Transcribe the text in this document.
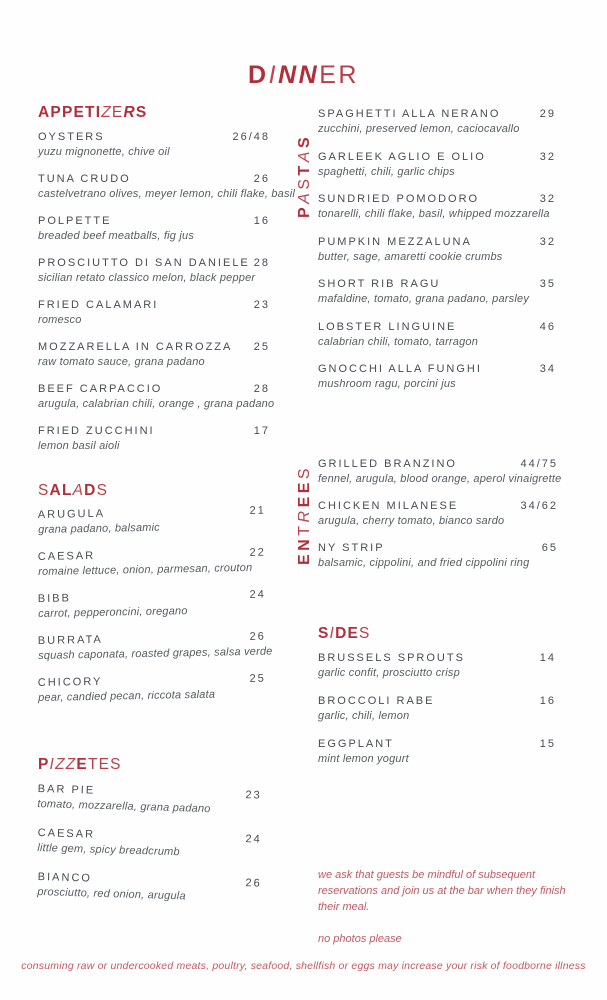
DINNER
APPETIZERS
OYSTERS	26/48
yuzu mignonette, chive oil
TUNA CRUDO	26
castelvetrano olives, meyer lemon, chili flake, basil
POLPETTE	16
breaded beef meatballs, fig jus
PROSCIUTTO DI SAN DANIELE 28
sicilian retato classico melon, black pepper
FRIED CALAMARI	23
romesco
MOZZARELLA IN CARROZZA 25
raw tomato sauce, grana padano
BEEF CARPACCIO	28
arugula, calabrian chili, orange , grana padano
FRIED ZUCCHINI	17
lemon basil aioli
SALADS
ARUGULA	21
grana padano, balsamic
CAESAR	22
romaine lettuce, onion, parmesan, crouton
BIBB	24
carrot, pepperoncini, oregano
BURRATA	26
squash caponata, roasted grapes, salsa verde
CHICORY	25
pear, candied pecan, riccota salata
PIZZETES
BAR PIE	23
tomato, mozzarella, grana padano
CAESAR	24
little gem, spicy breadcrumb
BIANCO	26
prosciutto, red onion, arugula
PASTAS
SPAGHETTI ALLA NERANO	29
zucchini, preserved lemon, caciocavallo
GARLEEK AGLIO E OLIO	32
spaghetti, chili, garlic chips
SUNDRIED POMODORO	32
tonarelli, chili flake, basil, whipped mozzarella
PUMPKIN MEZZALUNA	32
butter, sage, amaretti cookie crumbs
SHORT RIB RAGU	35
mafaldine, tomato, grana padano, parsley
LOBSTER LINGUINE	46
calabrian chili, tomato, tarragon
GNOCCHI ALLA FUNGHI	34
mushroom ragu, porcini jus
ENTREES
GRILLED BRANZINO	44/75
fennel, arugula, blood orange, aperol vinaigrette
CHICKEN MILANESE	34/62
arugula, cherry tomato, bianco sardo
NY STRIP	65
balsamic, cippolini, and fried cippolini ring
SIDES
BRUSSELS SPROUTS	14
garlic confit, prosciutto crisp
BROCCOLI RABE	16
garlic, chili, lemon
EGGPLANT	15
mint lemon yogurt
we ask that guests be mindful of subsequent reservations and join us at the bar when they finish their meal.
no photos please
consuming raw or undercooked meats, poultry, seafood, shellfish or eggs may increase your risk of foodborne illness
